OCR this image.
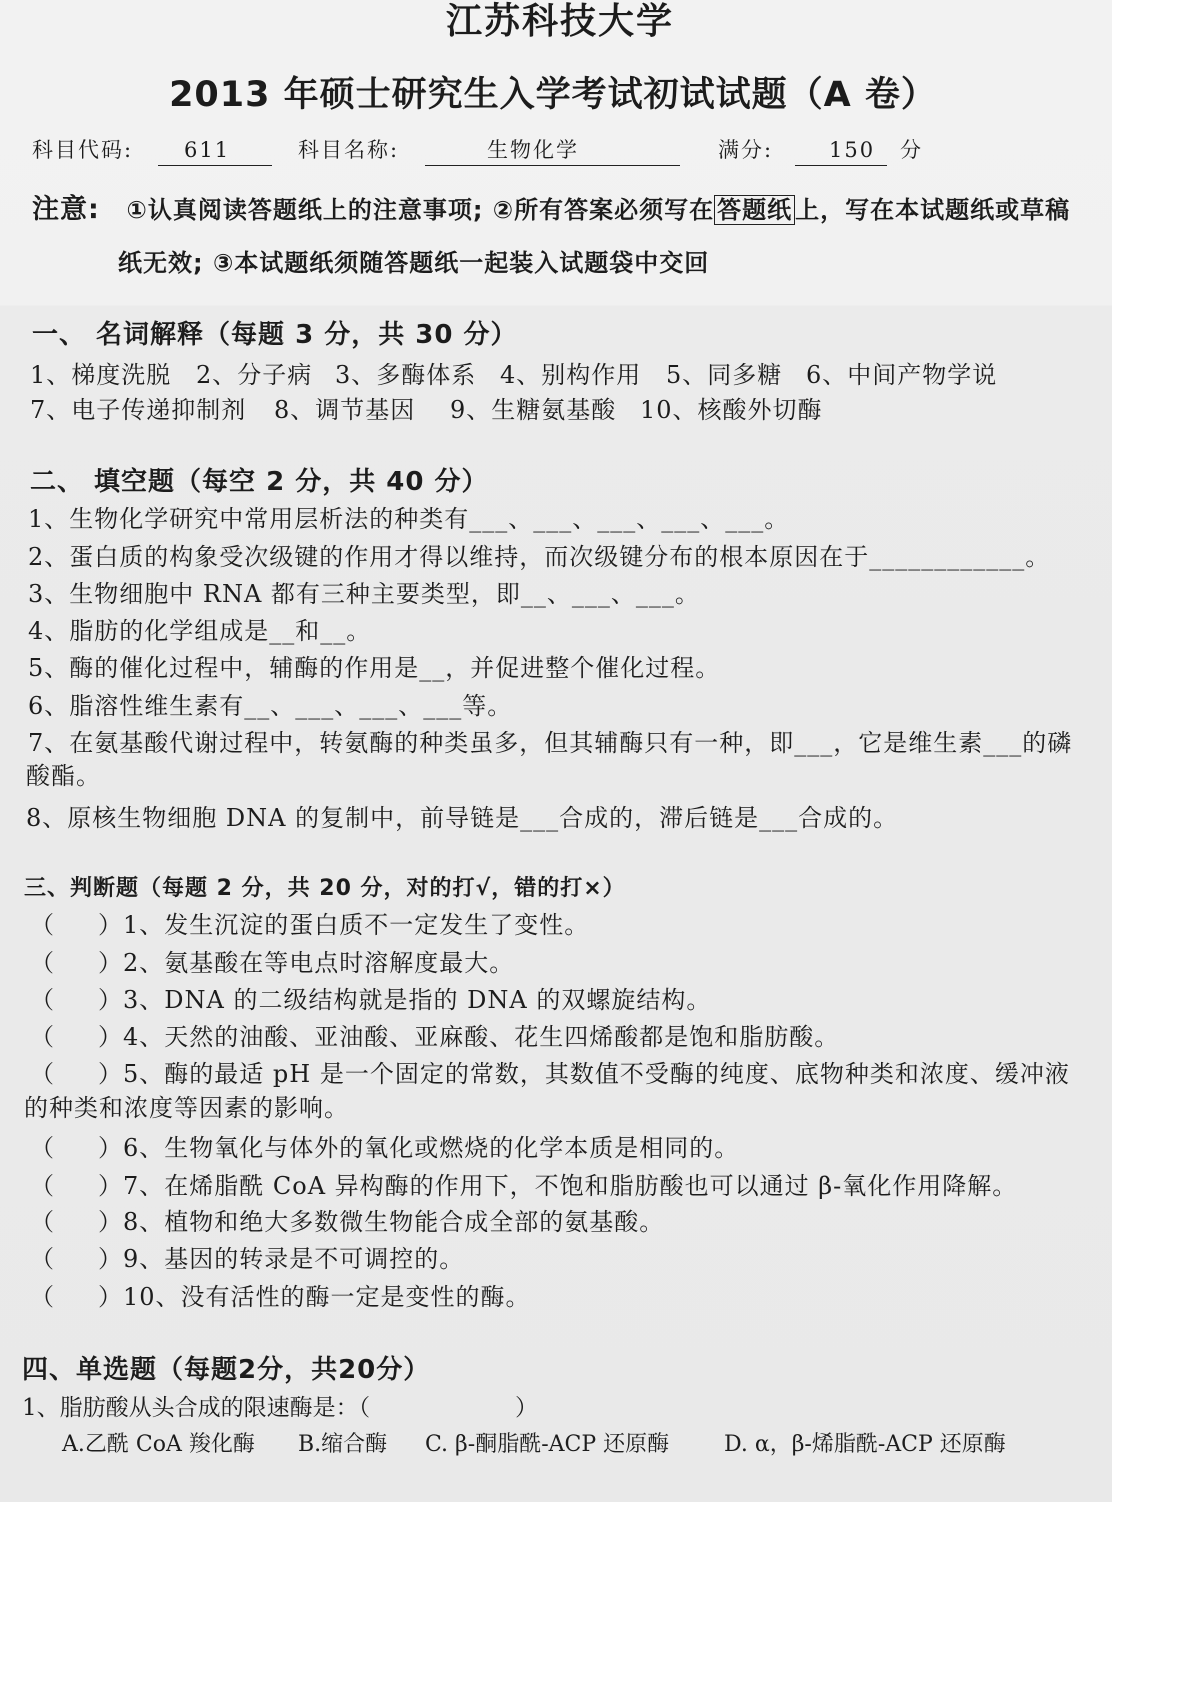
江苏科技大学
2013 年硕士研究生入学考试初试试题（A 卷）
科目代码:	611	科目名称:	生物化学	满分:	150	分
注意: ①认真阅读答题纸上的注意事项; ②所有答案必须写在 答题纸 上，写在本试题纸或草稿
纸无效; ③本试题纸须随答题纸一起装入试题袋中交回
一、 名词解释（每题 3 分，共 30 分）
1、梯度洗脱 2、分子病 3、多酶体系 4、别构作用 5、同多糖 6、中间产物学说
7、电子传递抑制剂 8、调节基因 9、生糖氨基酸 10、核酸外切酶
二、 填空题（每空 2 分，共 40 分）
1、生物化学研究中常用层析法的种类有___、___、___、___、___。
2、蛋白质的构象受次级键的作用才得以维持，而次级键分布的根本原因在于____________。
3、生物细胞中 RNA 都有三种主要类型，即__、___、___。
4、脂肪的化学组成是__和__。
5、酶的催化过程中，辅酶的作用是__，并促进整个催化过程。
6、脂溶性维生素有__、___、___、___等。
7、在氨基酸代谢过程中，转氨酶的种类虽多，但其辅酶只有一种，即___，它是维生素___的磷
酸酯。
8、原核生物细胞 DNA 的复制中，前导链是___合成的，滞后链是___合成的。
三、判断题（每题 2 分，共 20 分，对的打√，错的打×）
（ ）1、发生沉淀的蛋白质不一定发生了变性。
（ ）2、氨基酸在等电点时溶解度最大。
（ ）3、DNA 的二级结构就是指的 DNA 的双螺旋结构。
（ ）4、天然的油酸、亚油酸、亚麻酸、花生四烯酸都是饱和脂肪酸。
（ ）5、酶的最适 pH 是一个固定的常数，其数值不受酶的纯度、底物种类和浓度、缓冲液
的种类和浓度等因素的影响。
（ ）6、生物氧化与体外的氧化或燃烧的化学本质是相同的。
（ ）7、在烯脂酰 CoA 异构酶的作用下，不饱和脂肪酸也可以通过 β-氧化作用降解。
（ ）8、植物和绝大多数微生物能合成全部的氨基酸。
（ ）9、基因的转录是不可调控的。
（ ）10、没有活性的酶一定是变性的酶。
四、单选题（每题2分，共20分）
1、脂肪酸从头合成的限速酶是：（	）
A.乙酰 CoA 羧化酶 B.缩合酶 C. β-酮脂酰-ACP 还原酶 D. α，β-烯脂酰-ACP 还原酶
